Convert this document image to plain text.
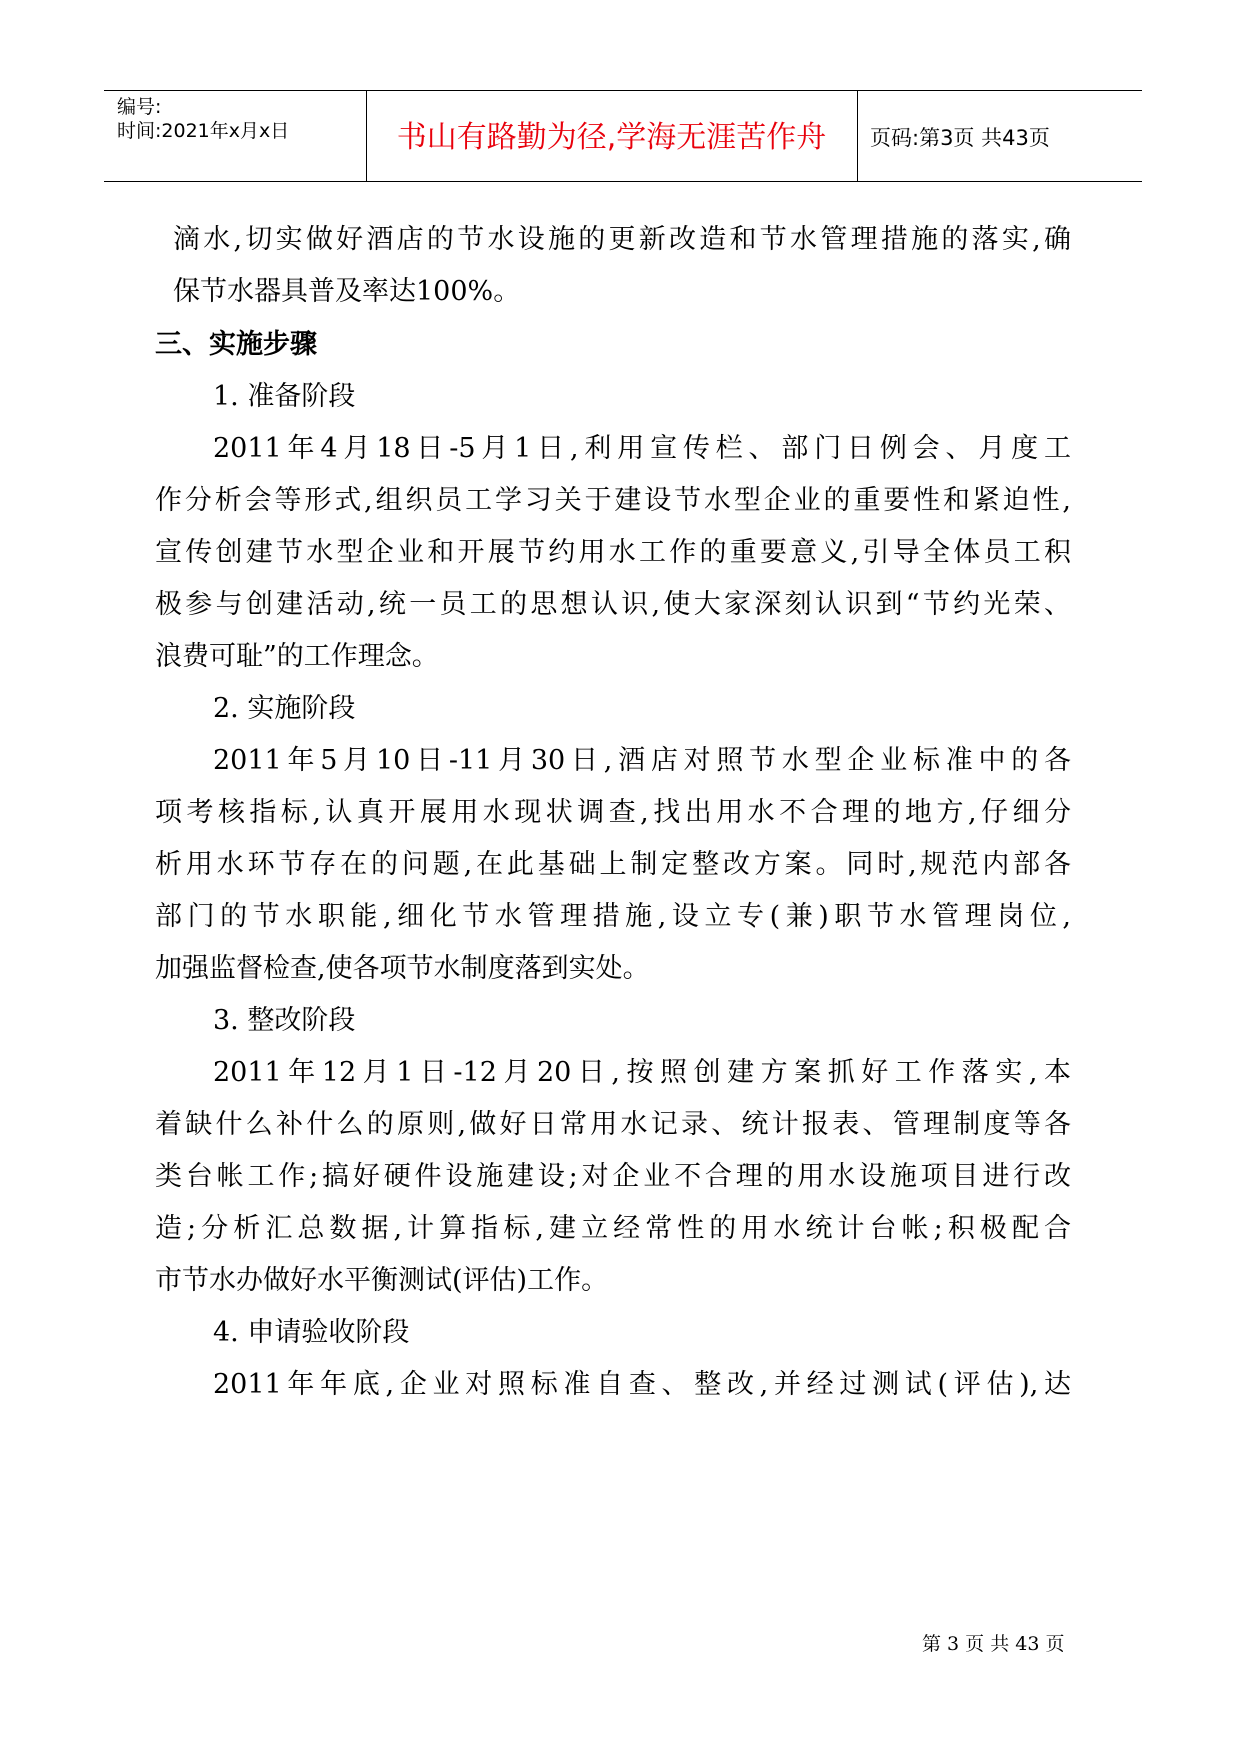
编号:
时间:2021年x月x日	书山有路勤为径,学海无涯苦作舟	页码:第3页 共43页
滴水,切实做好酒店的节水设施的更新改造和节水管理措施的落实,确
保节水器具普及率达100%。
三、实施步骤
1. 准备阶段
2011年4月18日-5月1日,利用宣传栏、部门日例会、月度工
作分析会等形式,组织员工学习关于建设节水型企业的重要性和紧迫性,
宣传创建节水型企业和开展节约用水工作的重要意义,引导全体员工积
极参与创建活动,统一员工的思想认识,使大家深刻认识到“节约光荣、
浪费可耻”的工作理念。
2. 实施阶段
2011年5月10日-11月30日,酒店对照节水型企业标准中的各
项考核指标,认真开展用水现状调查,找出用水不合理的地方,仔细分
析用水环节存在的问题,在此基础上制定整改方案。同时,规范内部各
部门的节水职能,细化节水管理措施,设立专(兼)职节水管理岗位,
加强监督检查,使各项节水制度落到实处。
3. 整改阶段
2011年12月1日-12月20日,按照创建方案抓好工作落实,本
着缺什么补什么的原则,做好日常用水记录、统计报表、管理制度等各
类台帐工作;搞好硬件设施建设;对企业不合理的用水设施项目进行改
造;分析汇总数据,计算指标,建立经常性的用水统计台帐;积极配合
市节水办做好水平衡测试(评估)工作。
4. 申请验收阶段
2011年年底,企业对照标准自查、整改,并经过测试(评估),达
第 3 页 共 43 页
